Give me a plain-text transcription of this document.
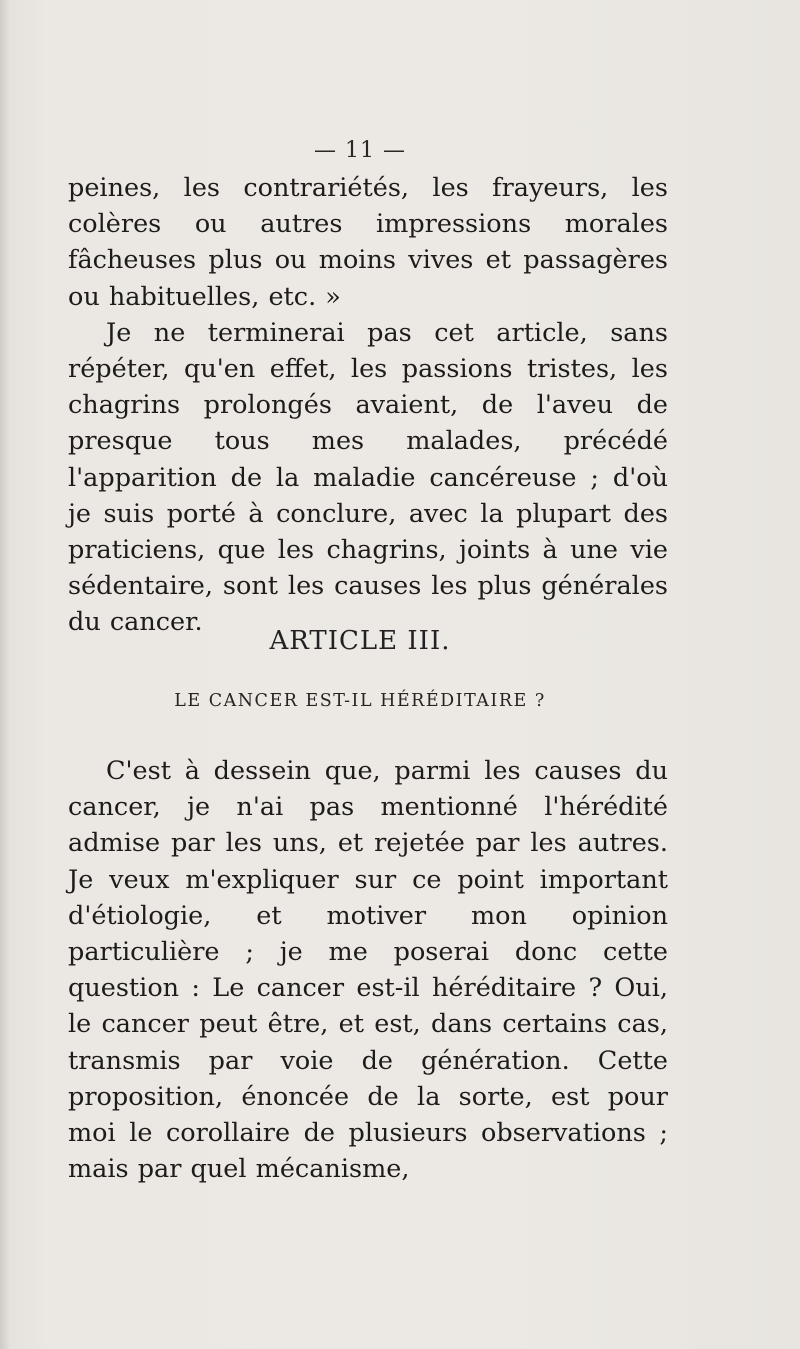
— 11 —

peines, les contrariétés, les frayeurs, les colères ou autres impressions morales fâcheuses plus ou moins vives et passagères ou habituelles, etc. »

Je ne terminerai pas cet article, sans répéter, qu'en effet, les passions tristes, les chagrins prolongés avaient, de l'aveu de presque tous mes malades, précédé l'apparition de la maladie cancéreuse ; d'où je suis porté à conclure, avec la plupart des praticiens, que les chagrins, joints à une vie sédentaire, sont les causes les plus générales du cancer.

ARTICLE III.
LE CANCER EST-IL HÉRÉDITAIRE ?

C'est à dessein que, parmi les causes du cancer, je n'ai pas mentionné l'hérédité admise par les uns, et rejetée par les autres. Je veux m'expliquer sur ce point important d'étiologie, et motiver mon opinion particulière ; je me poserai donc cette question : Le cancer est-il héréditaire ? Oui, le cancer peut être, et est, dans certains cas, transmis par voie de génération. Cette proposition, énoncée de la sorte, est pour moi le corollaire de plusieurs observations ; mais par quel mécanisme,
